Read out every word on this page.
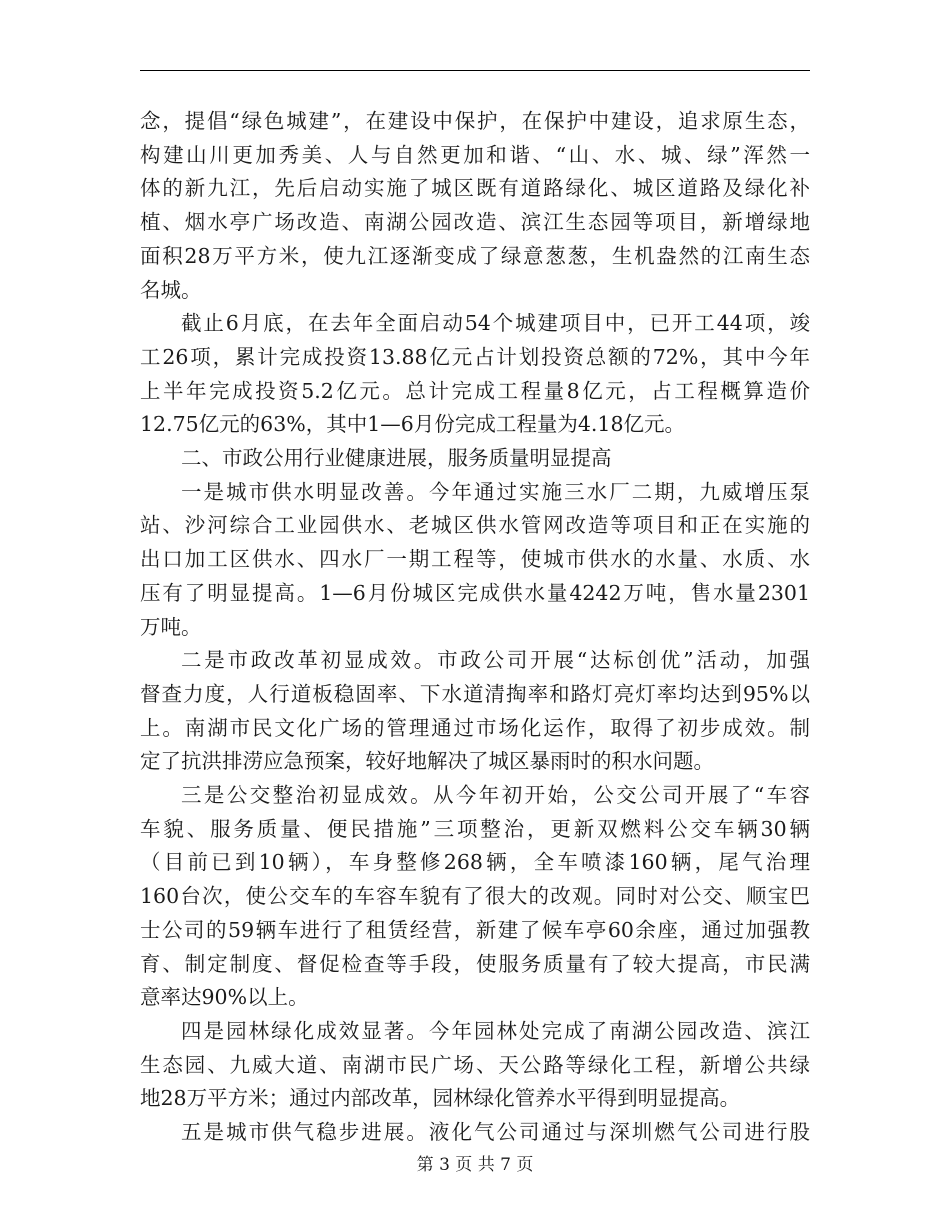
念，提倡“绿色城建”，在建设中保护，在保护中建设，追求原生态，
构建山川更加秀美、人与自然更加和谐、“山、水、城、绿”浑然一
体的新九江，先后启动实施了城区既有道路绿化、城区道路及绿化补
植、烟水亭广场改造、南湖公园改造、滨江生态园等项目，新增绿地
面积28万平方米，使九江逐渐变成了绿意葱葱，生机盎然的江南生态
名城。
截止6月底，在去年全面启动54个城建项目中，已开工44项，竣
工26项，累计完成投资13.88亿元占计划投资总额的72%，其中今年
上半年完成投资5.2亿元。总计完成工程量8亿元，占工程概算造价
12.75亿元的63%，其中1—6月份完成工程量为4.18亿元。
二、市政公用行业健康进展，服务质量明显提高
一是城市供水明显改善。今年通过实施三水厂二期，九威增压泵
站、沙河综合工业园供水、老城区供水管网改造等项目和正在实施的
出口加工区供水、四水厂一期工程等，使城市供水的水量、水质、水
压有了明显提高。1—6月份城区完成供水量4242万吨，售水量2301
万吨。
二是市政改革初显成效。市政公司开展“达标创优”活动，加强
督查力度，人行道板稳固率、下水道清掏率和路灯亮灯率均达到95%以
上。南湖市民文化广场的管理通过市场化运作，取得了初步成效。制
定了抗洪排涝应急预案，较好地解决了城区暴雨时的积水问题。
三是公交整治初显成效。从今年初开始，公交公司开展了“车容
车貌、服务质量、便民措施”三项整治，更新双燃料公交车辆30辆
（目前已到10辆），车身整修268辆，全车喷漆160辆，尾气治理
160台次，使公交车的车容车貌有了很大的改观。同时对公交、顺宝巴
士公司的59辆车进行了租赁经营，新建了候车亭60余座，通过加强教
育、制定制度、督促检查等手段，使服务质量有了较大提高，市民满
意率达90%以上。
四是园林绿化成效显著。今年园林处完成了南湖公园改造、滨江
生态园、九威大道、南湖市民广场、天公路等绿化工程，新增公共绿
地28万平方米；通过内部改革，园林绿化管养水平得到明显提高。
五是城市供气稳步进展。液化气公司通过与深圳燃气公司进行股
第 3 页 共 7 页
